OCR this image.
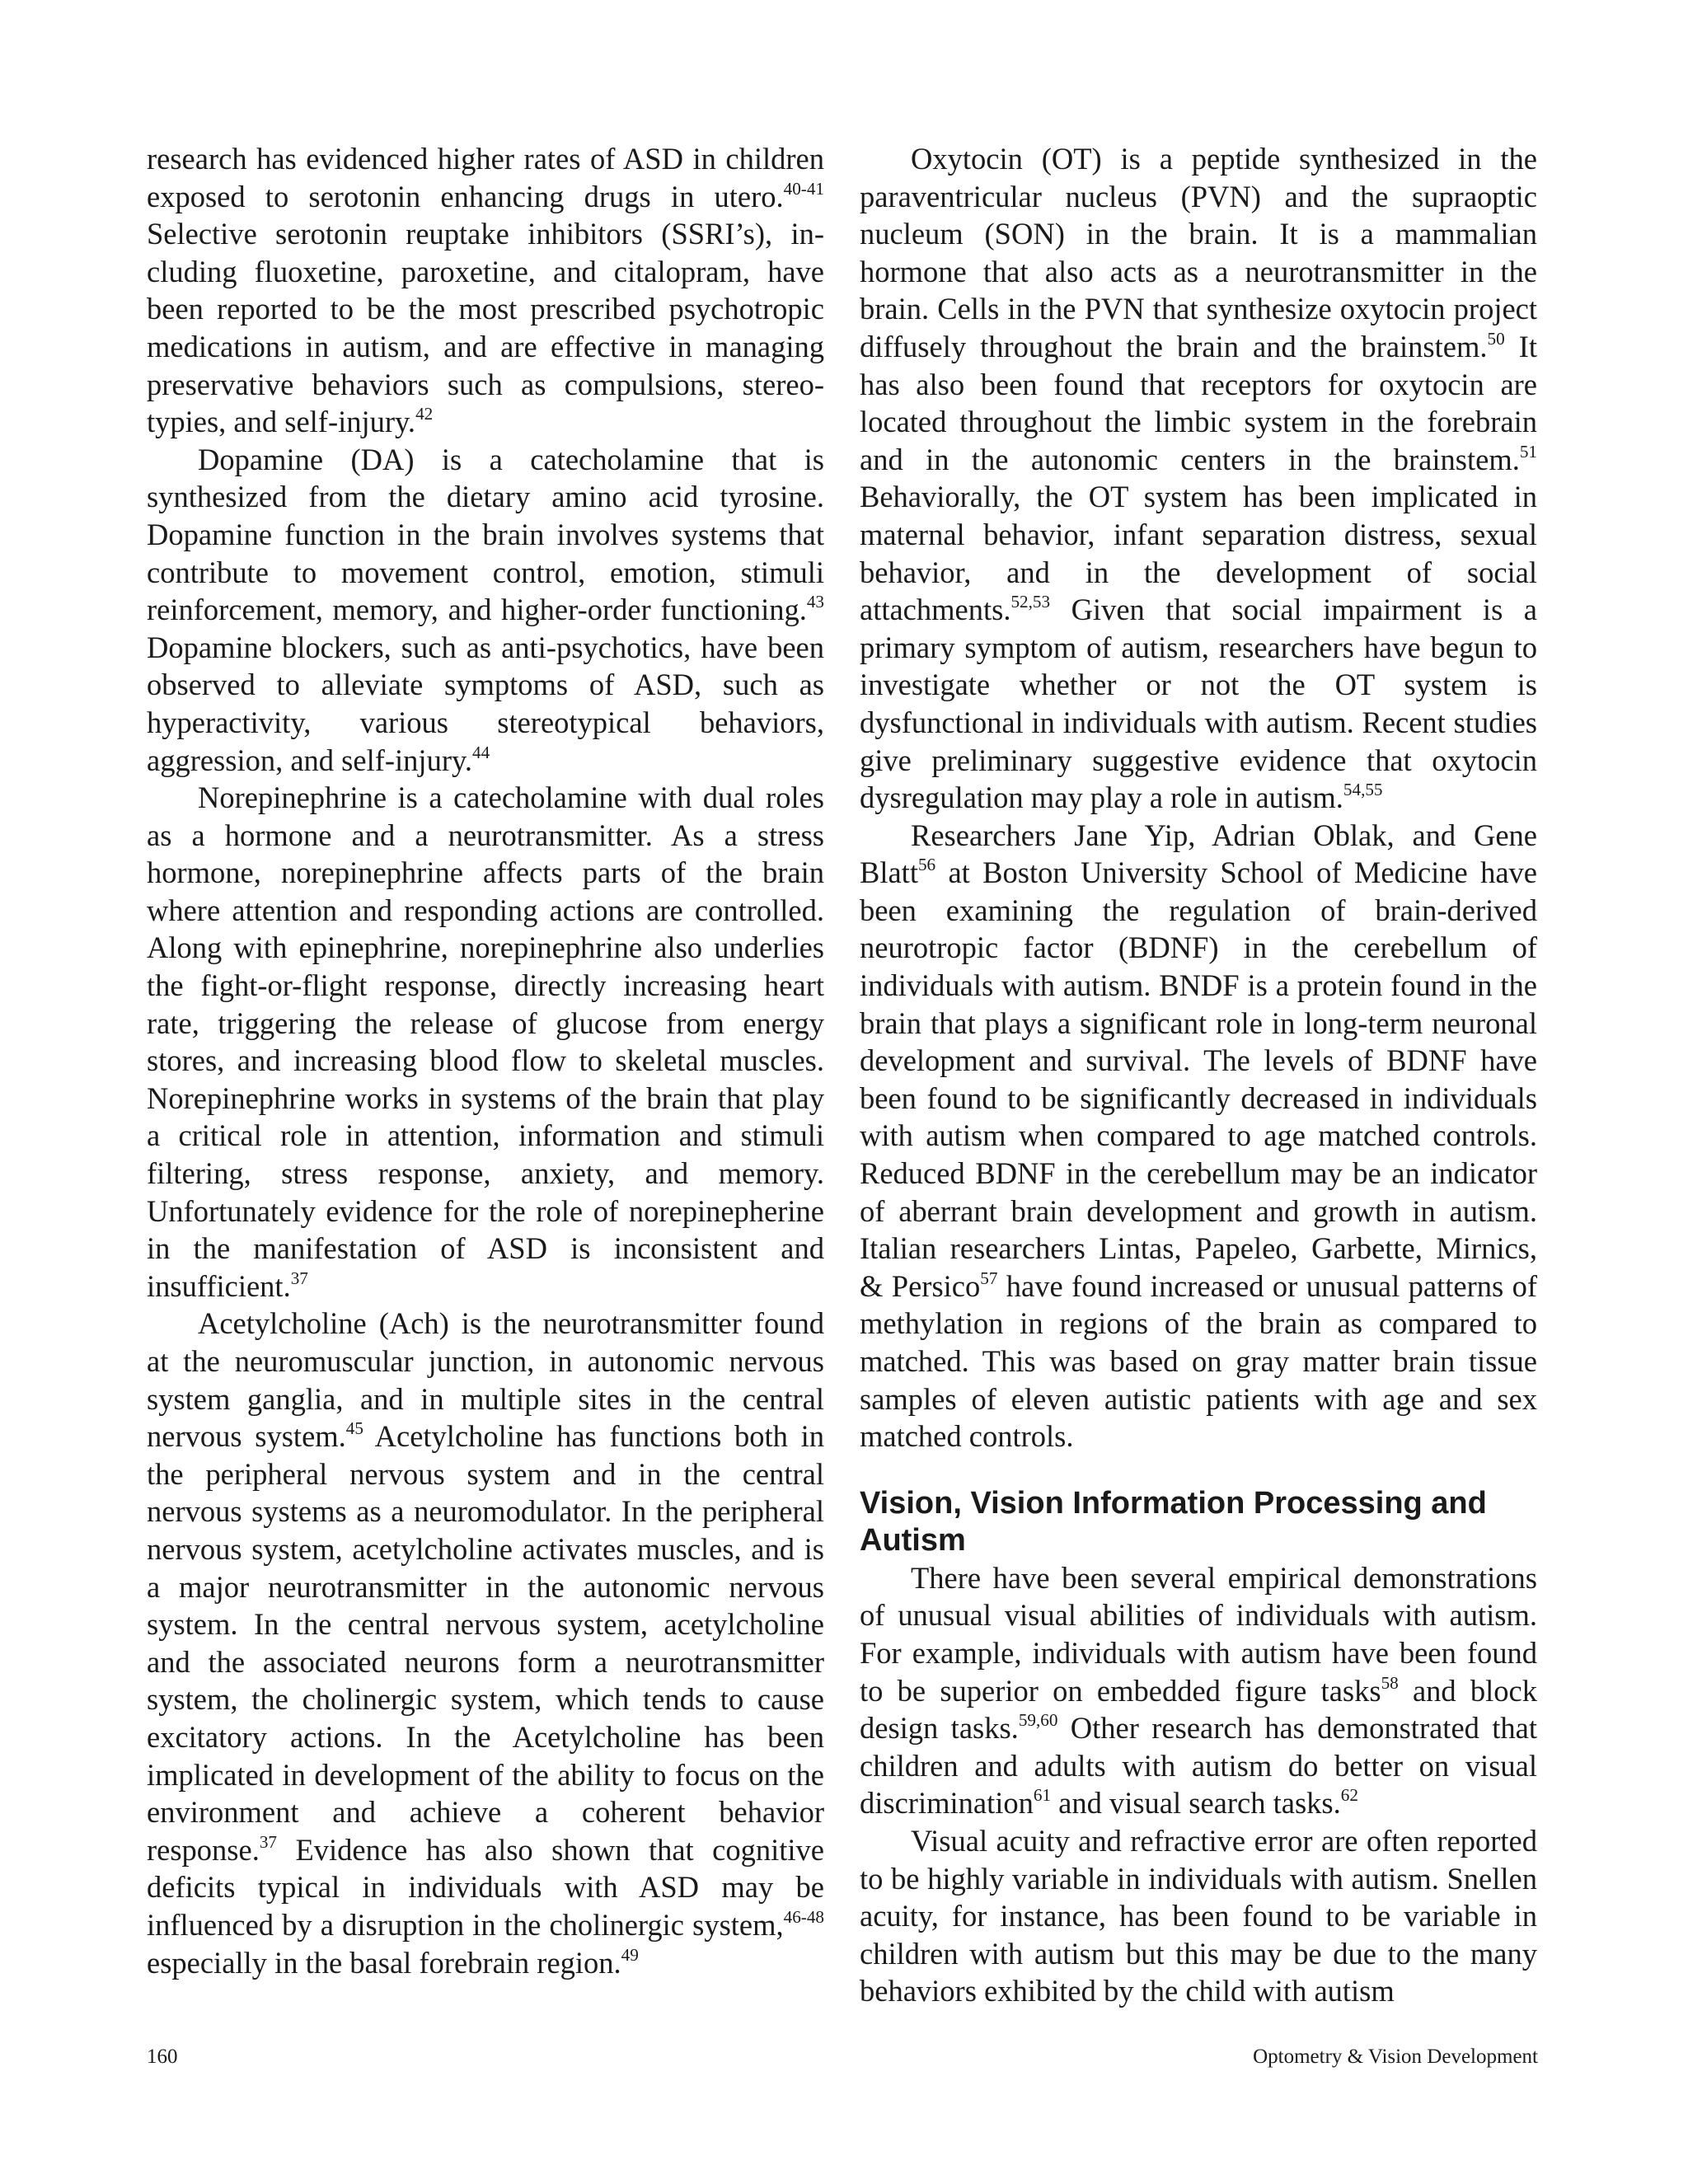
research has evidenced higher rates of ASD in children exposed to serotonin enhancing drugs in utero.$^{40-41}$ Selective serotonin reuptake inhibitors (SSRI’s), including fluoxetine, paroxetine, and citalopram, have been reported to be the most prescribed psychotropic medications in autism, and are effective in managing preservative behaviors such as compulsions, stereotypies, and self-injury.$^{42}$

Dopamine (DA) is a catecholamine that is synthesized from the dietary amino acid tyrosine. Dopamine function in the brain involves systems that contribute to movement control, emotion, stimuli reinforcement, memory, and higher-order functioning.$^{43}$ Dopamine blockers, such as anti-psychotics, have been observed to alleviate symptoms of ASD, such as hyperactivity, various stereotypical behaviors, aggression, and self-injury.$^{44}$

Norepinephrine is a catecholamine with dual roles as a hormone and a neurotransmitter. As a stress hormone, norepinephrine affects parts of the brain where attention and responding actions are controlled. Along with epinephrine, norepinephrine also underlies the fight-or-flight response, directly increasing heart rate, triggering the release of glucose from energy stores, and increasing blood flow to skeletal muscles. Norepinephrine works in systems of the brain that play a critical role in attention, information and stimuli filtering, stress response, anxiety, and memory. Unfortunately evidence for the role of norepinepherine in the manifestation of ASD is inconsistent and insufficient.$^{37}$

Acetylcholine (Ach) is the neurotransmitter found at the neuromuscular junction, in autonomic nervous system ganglia, and in multiple sites in the central nervous system.$^{45}$ Acetylcholine has functions both in the peripheral nervous system and in the central nervous systems as a neuromodulator. In the peripheral nervous system, acetylcholine activates muscles, and is a major neurotransmitter in the autonomic nervous system. In the central nervous system, acetylcholine and the associated neurons form a neurotransmitter system, the cholinergic system, which tends to cause excitatory actions. In the Acetylcholine has been implicated in development of the ability to focus on the environment and achieve a coherent behavior response.$^{37}$ Evidence has also shown that cognitive deficits typical in individuals with ASD may be influenced by a disruption in the cholinergic system,$^{46-48}$ especially in the basal forebrain region.$^{49}$

Oxytocin (OT) is a peptide synthesized in the paraventricular nucleus (PVN) and the supraoptic nucleum (SON) in the brain. It is a mammalian hormone that also acts as a neurotransmitter in the brain. Cells in the PVN that synthesize oxytocin project diffusely throughout the brain and the brainstem.$^{50}$ It has also been found that receptors for oxytocin are located throughout the limbic system in the forebrain and in the autonomic centers in the brainstem.$^{51}$ Behaviorally, the OT system has been implicated in maternal behavior, infant separation distress, sexual behavior, and in the development of social attachments.$^{52,53}$ Given that social impairment is a primary symptom of autism, researchers have begun to investigate whether or not the OT system is dysfunctional in individuals with autism. Recent studies give preliminary suggestive evidence that oxytocin dysregulation may play a role in autism.$^{54,55}$

Researchers Jane Yip, Adrian Oblak, and Gene Blatt$^{56}$ at Boston University School of Medicine have been examining the regulation of brain-derived neurotropic factor (BDNF) in the cerebellum of individuals with autism. BNDF is a protein found in the brain that plays a significant role in long-term neuronal development and survival. The levels of BDNF have been found to be significantly decreased in individuals with autism when compared to age matched controls. Reduced BDNF in the cerebellum may be an indicator of aberrant brain development and growth in autism. Italian researchers Lintas, Papeleo, Garbette, Mirnics, & Persico$^{57}$ have found increased or unusual patterns of methylation in regions of the brain as compared to matched. This was based on gray matter brain tissue samples of eleven autistic patients with age and sex matched controls.

Vision, Vision Information Processing and Autism

There have been several empirical demonstrations of unusual visual abilities of individuals with autism. For example, individuals with autism have been found to be superior on embedded figure tasks$^{58}$ and block design tasks.$^{59,60}$ Other research has demonstrated that children and adults with autism do better on visual discrimination$^{61}$ and visual search tasks.$^{62}$

Visual acuity and refractive error are often reported to be highly variable in individuals with autism. Snellen acuity, for instance, has been found to be variable in children with autism but this may be due to the many behaviors exhibited by the child with autism

160	Optometry & Vision Development
